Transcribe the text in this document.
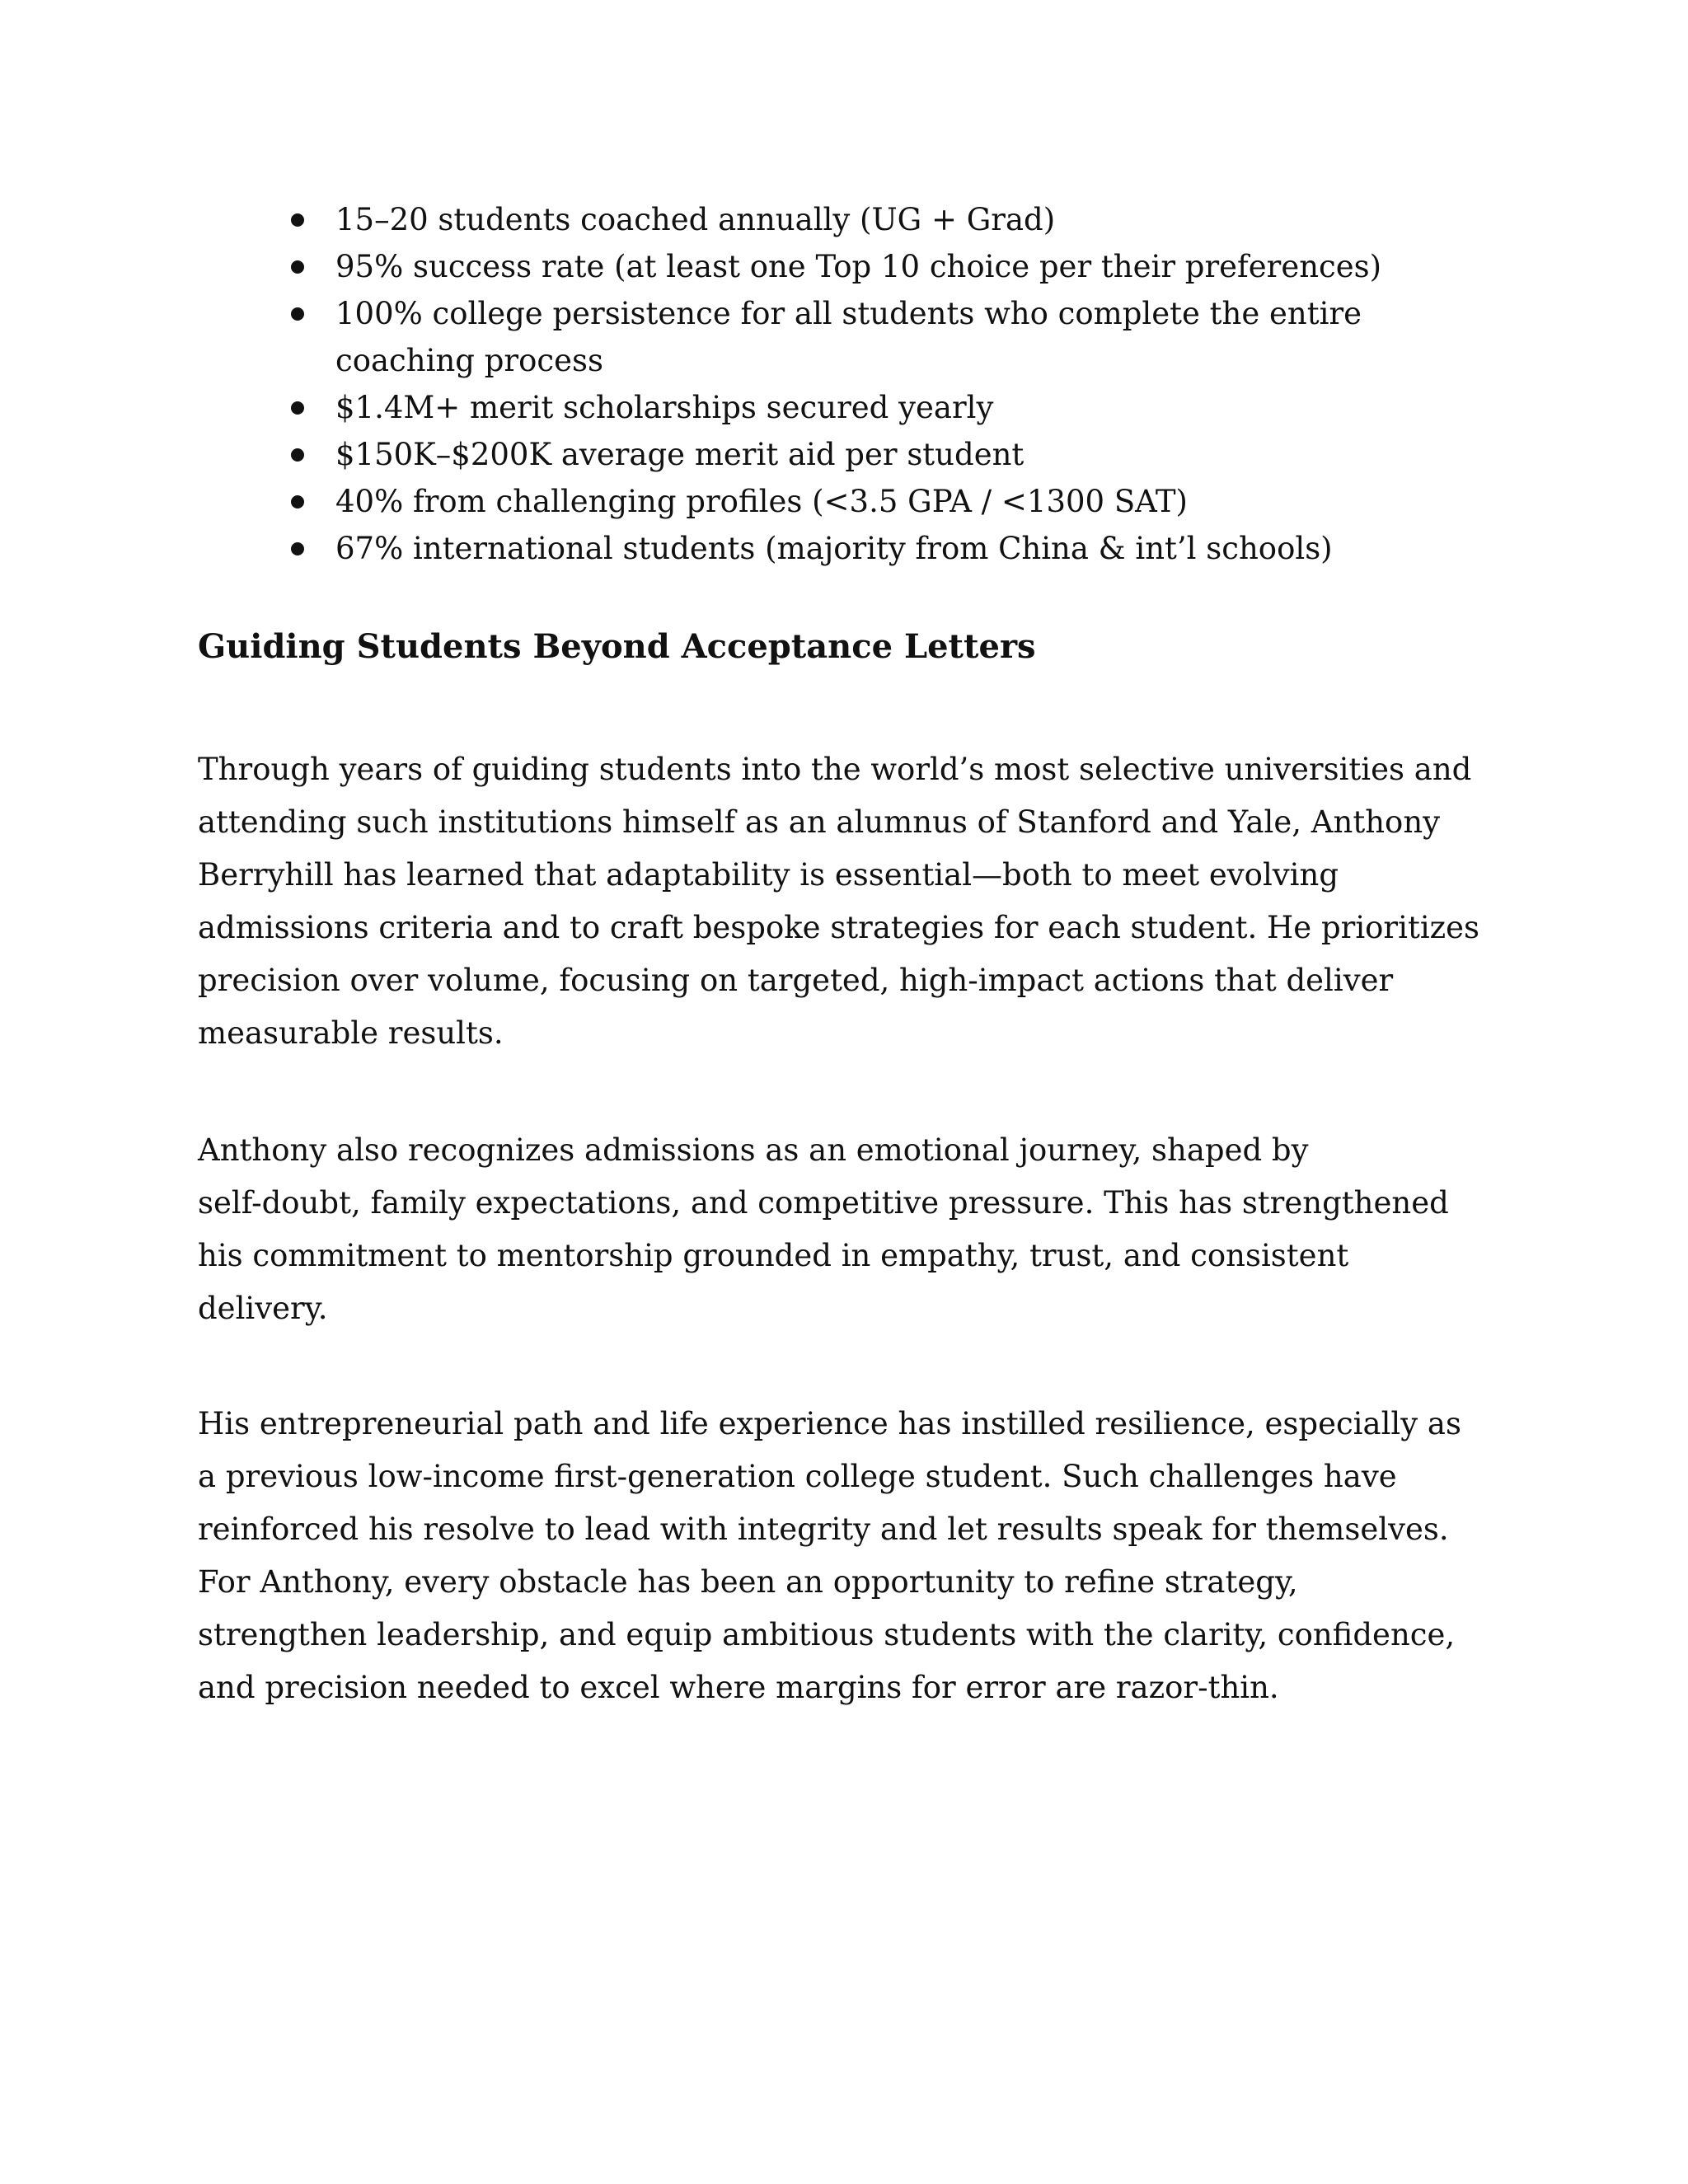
15–20 students coached annually (UG + Grad)
95% success rate (at least one Top 10 choice per their preferences)
100% college persistence for all students who complete the entire
coaching process
$1.4M+ merit scholarships secured yearly
$150K–$200K average merit aid per student
40% from challenging profiles (<3.5 GPA / <1300 SAT)
67% international students (majority from China & int’l schools)
Guiding Students Beyond Acceptance Letters

Through years of guiding students into the world’s most selective universities and
attending such institutions himself as an alumnus of Stanford and Yale, Anthony
Berryhill has learned that adaptability is essential—both to meet evolving
admissions criteria and to craft bespoke strategies for each student. He prioritizes
precision over volume, focusing on targeted, high-impact actions that deliver
measurable results.

Anthony also recognizes admissions as an emotional journey, shaped by
self-doubt, family expectations, and competitive pressure. This has strengthened
his commitment to mentorship grounded in empathy, trust, and consistent
delivery.

His entrepreneurial path and life experience has instilled resilience, especially as
a previous low-income first-generation college student. Such challenges have
reinforced his resolve to lead with integrity and let results speak for themselves.
For Anthony, every obstacle has been an opportunity to refine strategy,
strengthen leadership, and equip ambitious students with the clarity, confidence,
and precision needed to excel where margins for error are razor-thin.
